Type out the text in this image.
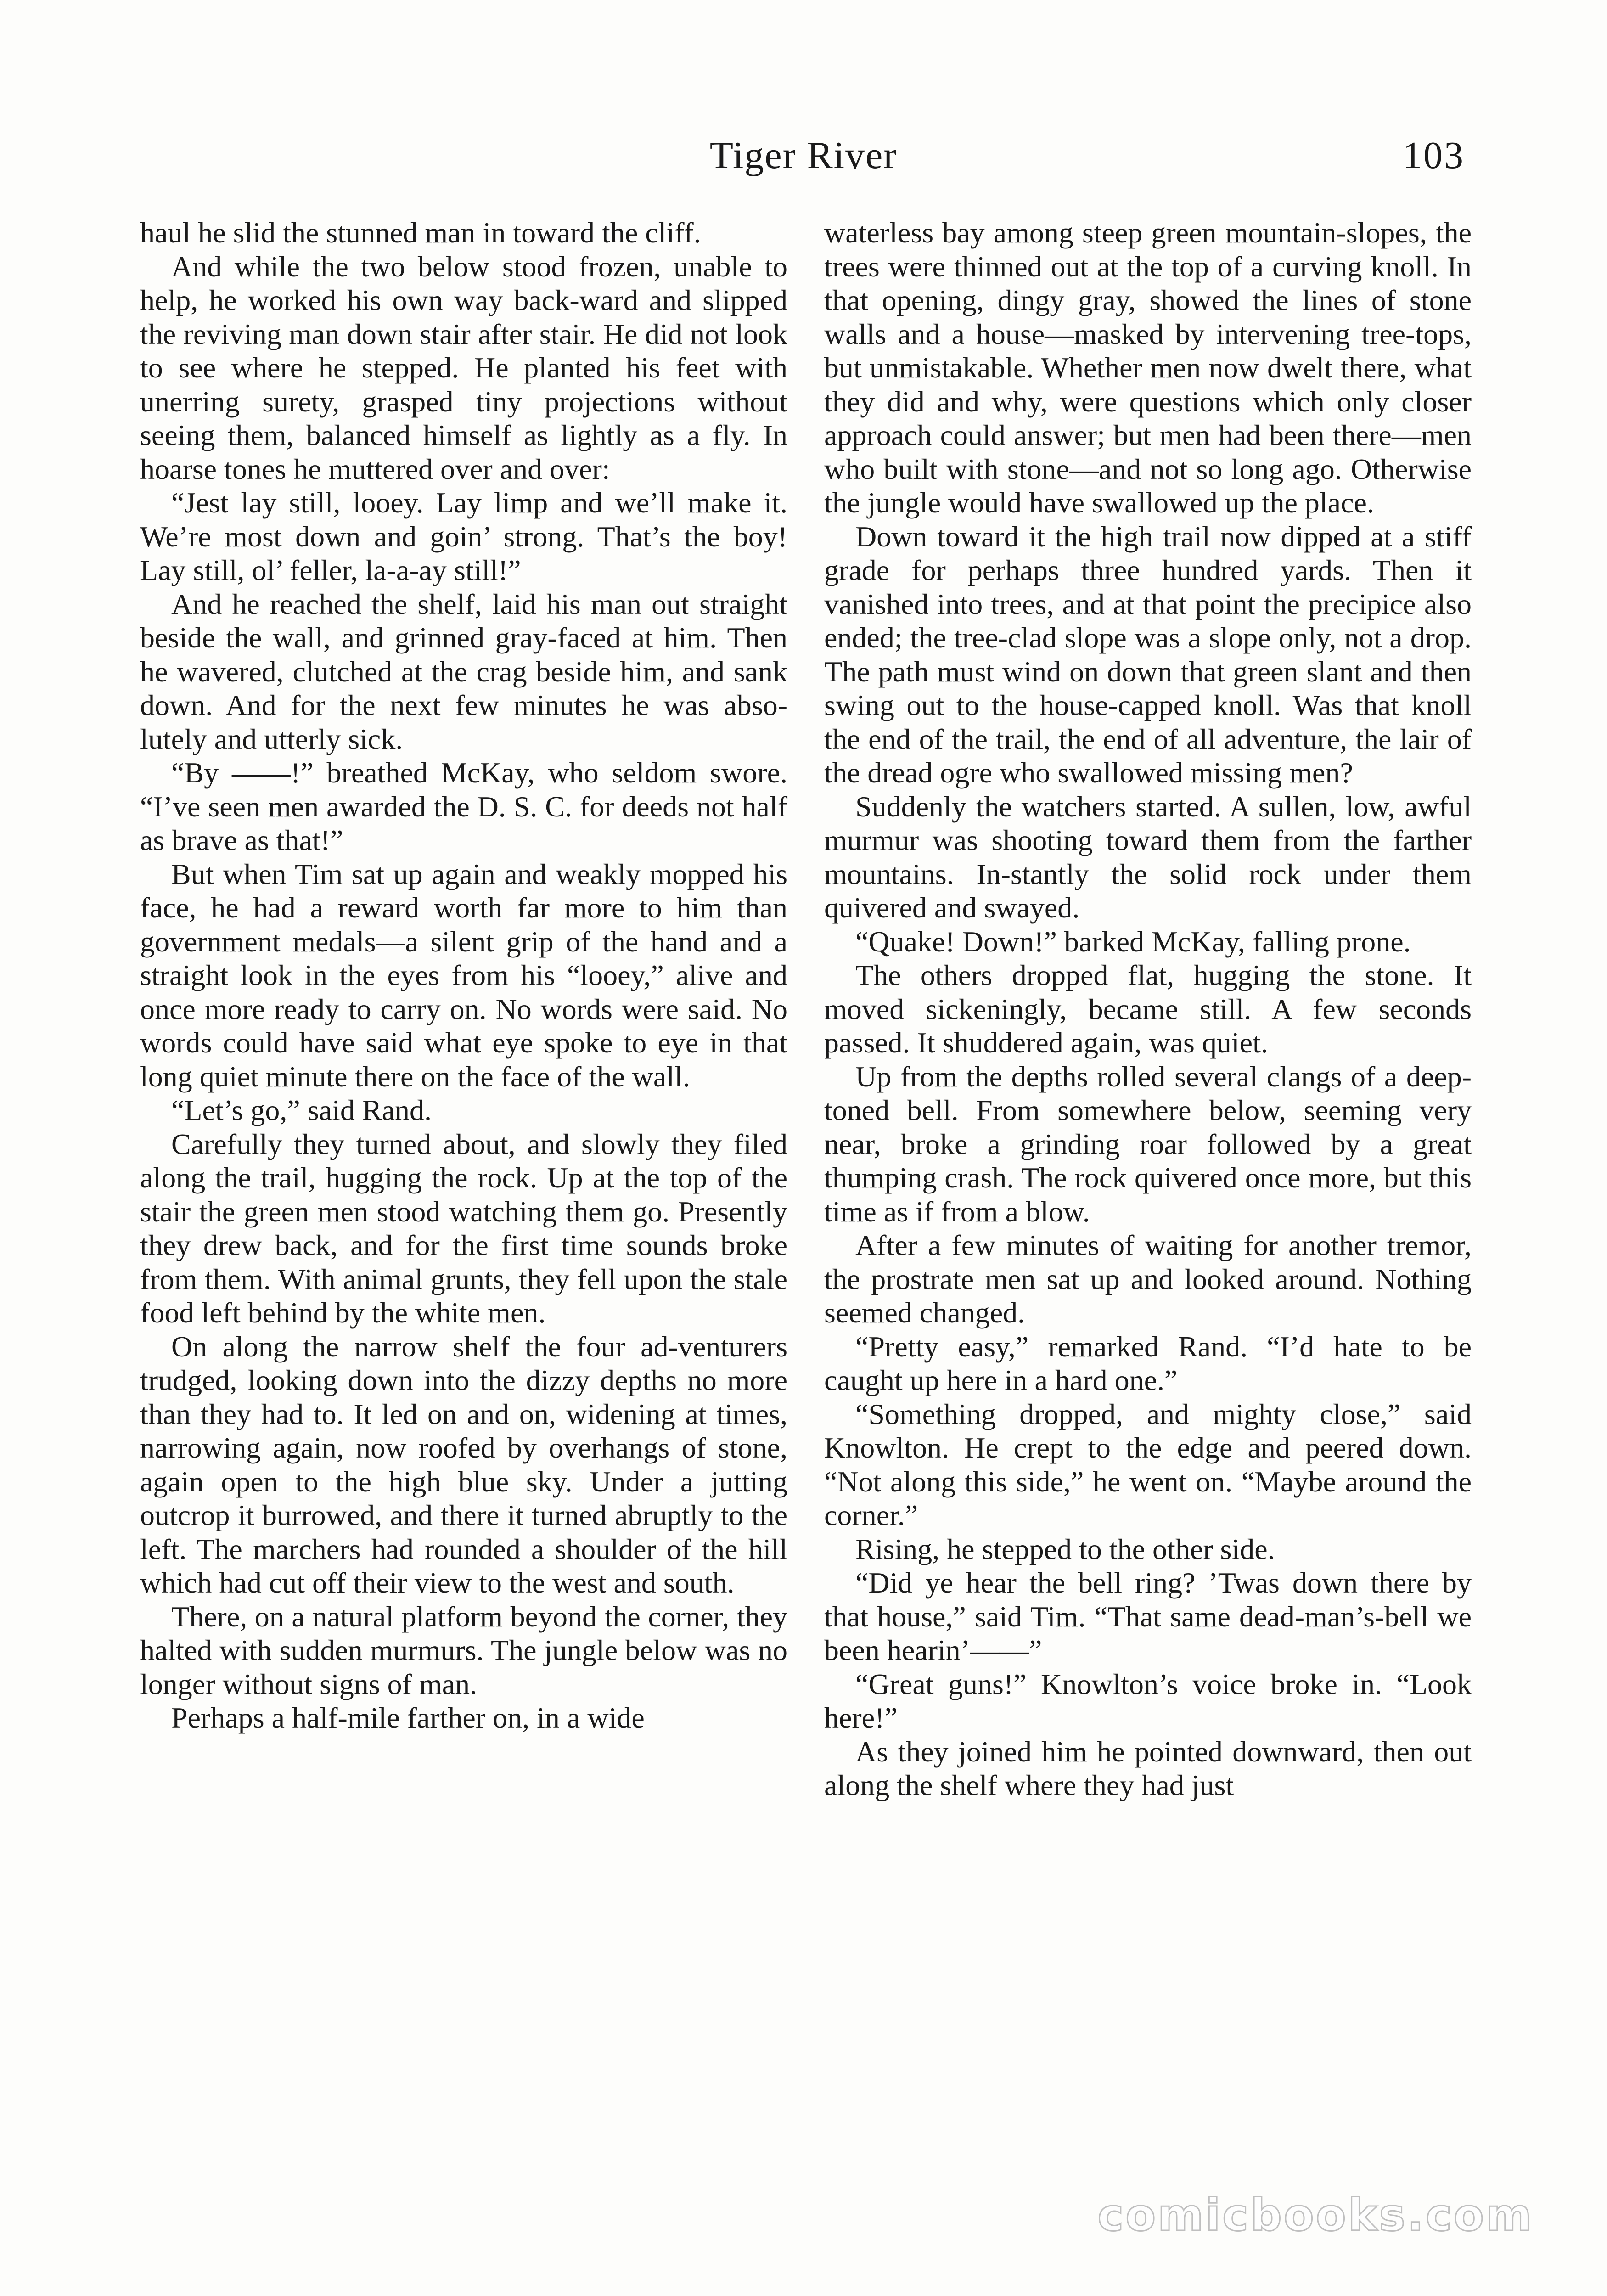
Tiger River	103

haul he slid the stunned man in toward the cliff.

And while the two below stood frozen, unable to help, he worked his own way back-ward and slipped the reviving man down stair after stair. He did not look to see where he stepped. He planted his feet with unerring surety, grasped tiny projections without seeing them, balanced himself as lightly as a fly. In hoarse tones he muttered over and over:

“Jest lay still, looey. Lay limp and we’ll make it. We’re most down and goin’ strong. That’s the boy! Lay still, ol’ feller, la-a-ay still!”

And he reached the shelf, laid his man out straight beside the wall, and grinned gray-faced at him. Then he wavered, clutched at the crag beside him, and sank down. And for the next few minutes he was abso-lutely and utterly sick.

“By ——!” breathed McKay, who seldom swore. “I’ve seen men awarded the D. S. C. for deeds not half as brave as that!”

But when Tim sat up again and weakly mopped his face, he had a reward worth far more to him than government medals—a silent grip of the hand and a straight look in the eyes from his “looey,” alive and once more ready to carry on. No words were said. No words could have said what eye spoke to eye in that long quiet minute there on the face of the wall.

“Let’s go,” said Rand.

Carefully they turned about, and slowly they filed along the trail, hugging the rock. Up at the top of the stair the green men stood watching them go. Presently they drew back, and for the first time sounds broke from them. With animal grunts, they fell upon the stale food left behind by the white men.

On along the narrow shelf the four ad-venturers trudged, looking down into the dizzy depths no more than they had to. It led on and on, widening at times, narrowing again, now roofed by overhangs of stone, again open to the high blue sky. Under a jutting outcrop it burrowed, and there it turned abruptly to the left. The marchers had rounded a shoulder of the hill which had cut off their view to the west and south.

There, on a natural platform beyond the corner, they halted with sudden murmurs. The jungle below was no longer without signs of man.

Perhaps a half-mile farther on, in a wide

waterless bay among steep green mountain-slopes, the trees were thinned out at the top of a curving knoll. In that opening, dingy gray, showed the lines of stone walls and a house—masked by intervening tree-tops, but unmistakable. Whether men now dwelt there, what they did and why, were questions which only closer approach could answer; but men had been there—men who built with stone—and not so long ago. Otherwise the jungle would have swallowed up the place.

Down toward it the high trail now dipped at a stiff grade for perhaps three hundred yards. Then it vanished into trees, and at that point the precipice also ended; the tree-clad slope was a slope only, not a drop. The path must wind on down that green slant and then swing out to the house-capped knoll. Was that knoll the end of the trail, the end of all adventure, the lair of the dread ogre who swallowed missing men?

Suddenly the watchers started. A sullen, low, awful murmur was shooting toward them from the farther mountains. In-stantly the solid rock under them quivered and swayed.

“Quake! Down!” barked McKay, falling prone.

The others dropped flat, hugging the stone. It moved sickeningly, became still. A few seconds passed. It shuddered again, was quiet.

Up from the depths rolled several clangs of a deep-toned bell. From somewhere below, seeming very near, broke a grinding roar followed by a great thumping crash. The rock quivered once more, but this time as if from a blow.

After a few minutes of waiting for another tremor, the prostrate men sat up and looked around. Nothing seemed changed.

“Pretty easy,” remarked Rand. “I’d hate to be caught up here in a hard one.”

“Something dropped, and mighty close,” said Knowlton. He crept to the edge and peered down. “Not along this side,” he went on. “Maybe around the corner.”

Rising, he stepped to the other side.

“Did ye hear the bell ring? ’Twas down there by that house,” said Tim. “That same dead-man’s-bell we been hearin’——”

“Great guns!” Knowlton’s voice broke in. “Look here!”

As they joined him he pointed downward, then out along the shelf where they had just

comicbooks.com
